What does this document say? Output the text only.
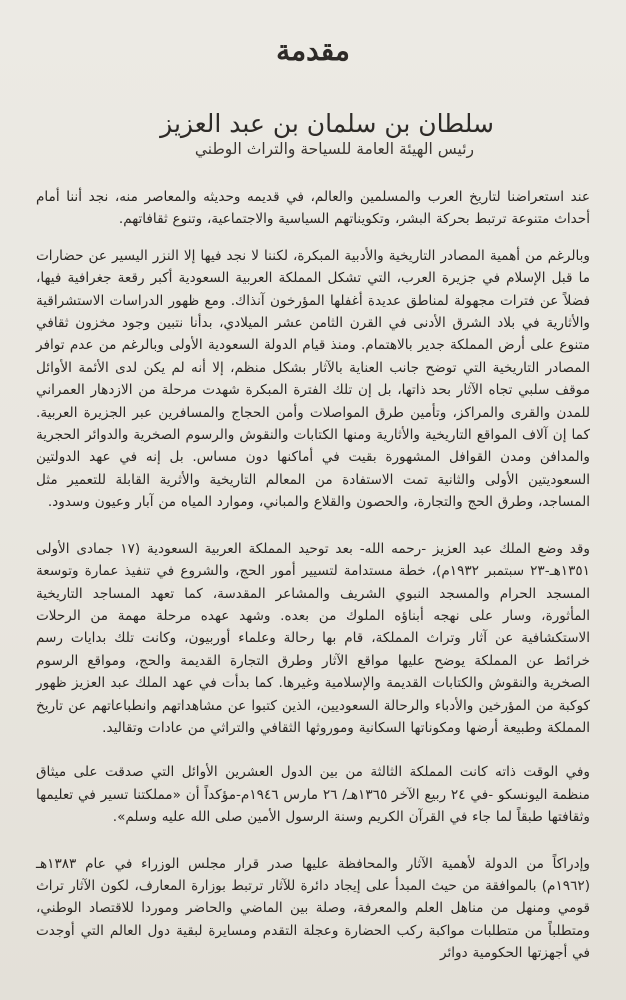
مقدمة
سلطان بن سلمان بن عبد العزيز
رئيس الهيئة العامة للسياحة والتراث الوطني

عند استعراضنا لتاريخ العرب والمسلمين والعالم، في قديمه وحديثه والمعاصر منه، نجد أننا أمام أحداث متنوعة ترتبط بحركة البشر، وتكويناتهم السياسية والاجتماعية، وتنوع ثقافاتهم.

وبالرغم من أهمية المصادر التاريخية والأدبية المبكرة، لكننا لا نجد فيها إلا النزر اليسير عن حضارات ما قبل الإسلام في جزيرة العرب، التي تشكل المملكة العربية السعودية أكبر رقعة جغرافية فيها، فضلاً عن فترات مجهولة لمناطق عديدة أغفلها المؤرخون آنذاك. ومع ظهور الدراسات الاستشراقية والأثارية في بلاد الشرق الأدنى في القرن الثامن عشر الميلادي، بدأنا نتبين وجود مخزون ثقافي متنوع على أرض المملكة جدير بالاهتمام. ومنذ قيام الدولة السعودية الأولى وبالرغم من عدم توافر المصادر التاريخية التي توضح جانب العناية بالآثار بشكل منظم، إلا أنه لم يكن لدى الأئمة الأوائل موقف سلبي تجاه الآثار بحد ذاتها، بل إن تلك الفترة المبكرة شهدت مرحلة من الازدهار العمراني للمدن والقرى والمراكز، وتأمين طرق المواصلات وأمن الحجاج والمسافرين عبر الجزيرة العربية. كما إن آلاف المواقع التاريخية والأثارية ومنها الكتابات والنقوش والرسوم الصخرية والدوائر الحجرية والمدافن ومدن القوافل المشهورة بقيت في أماكنها دون مساس. بل إنه في عهد الدولتين السعوديتين الأولى والثانية تمت الاستفادة من المعالم التاريخية والأثرية القابلة للتعمير مثل المساجد، وطرق الحج والتجارة، والحصون والقلاع والمباني، وموارد المياه من آبار وعيون وسدود.

وقد وضع الملك عبد العزيز -رحمه الله- بعد توحيد المملكة العربية السعودية (١٧ جمادى الأولى ١٣٥١هـ-٢٣ سبتمبر ١٩٣٢م)، خطة مستدامة لتسيير أمور الحج، والشروع في تنفيذ عمارة وتوسعة المسجد الحرام والمسجد النبوي الشريف والمشاعر المقدسة، كما تعهد المساجد التاريخية المأثورة، وسار على نهجه أبناؤه الملوك من بعده. وشهد عهده مرحلة مهمة من الرحلات الاستكشافية عن آثار وتراث المملكة، قام بها رحالة وعلماء أوربيون، وكانت تلك بدايات رسم خرائط عن المملكة يوضح عليها مواقع الآثار وطرق التجارة القديمة والحج، ومواقع الرسوم الصخرية والنقوش والكتابات القديمة والإسلامية وغيرها. كما بدأت في عهد الملك عبد العزيز ظهور كوكبة من المؤرخين والأدباء والرحالة السعوديين، الذين كتبوا عن مشاهداتهم وانطباعاتهم عن تاريخ المملكة وطبيعة أرضها ومكوناتها السكانية وموروثها الثقافي والتراثي من عادات وتقاليد.

وفي الوقت ذاته كانت المملكة الثالثة من بين الدول العشرين الأوائل التي صدقت على ميثاق منظمة اليونسكو -في ٢٤ ربيع الآخر ١٣٦٥هـ/ ٢٦ مارس ١٩٤٦م-مؤكداً أن «مملكتنا تسير في تعليمها وثقافتها طبقاً لما جاء في القرآن الكريم وسنة الرسول الأمين صلى الله عليه وسلم».

وإدراكاً من الدولة لأهمية الآثار والمحافظة عليها صدر قرار مجلس الوزراء في عام ١٣٨٣هـ (١٩٦٢م) بالموافقة من حيث المبدأ على إيجاد دائرة للآثار ترتبط بوزارة المعارف، لكون الآثار تراث قومي ومنهل من مناهل العلم والمعرفة، وصلة بين الماضي والحاضر وموردا للاقتصاد الوطني، ومتطلباً من متطلبات مواكبة ركب الحضارة وعجلة التقدم ومسايرة لبقية دول العالم التي أوجدت في أجهزتها الحكومية دوائر
